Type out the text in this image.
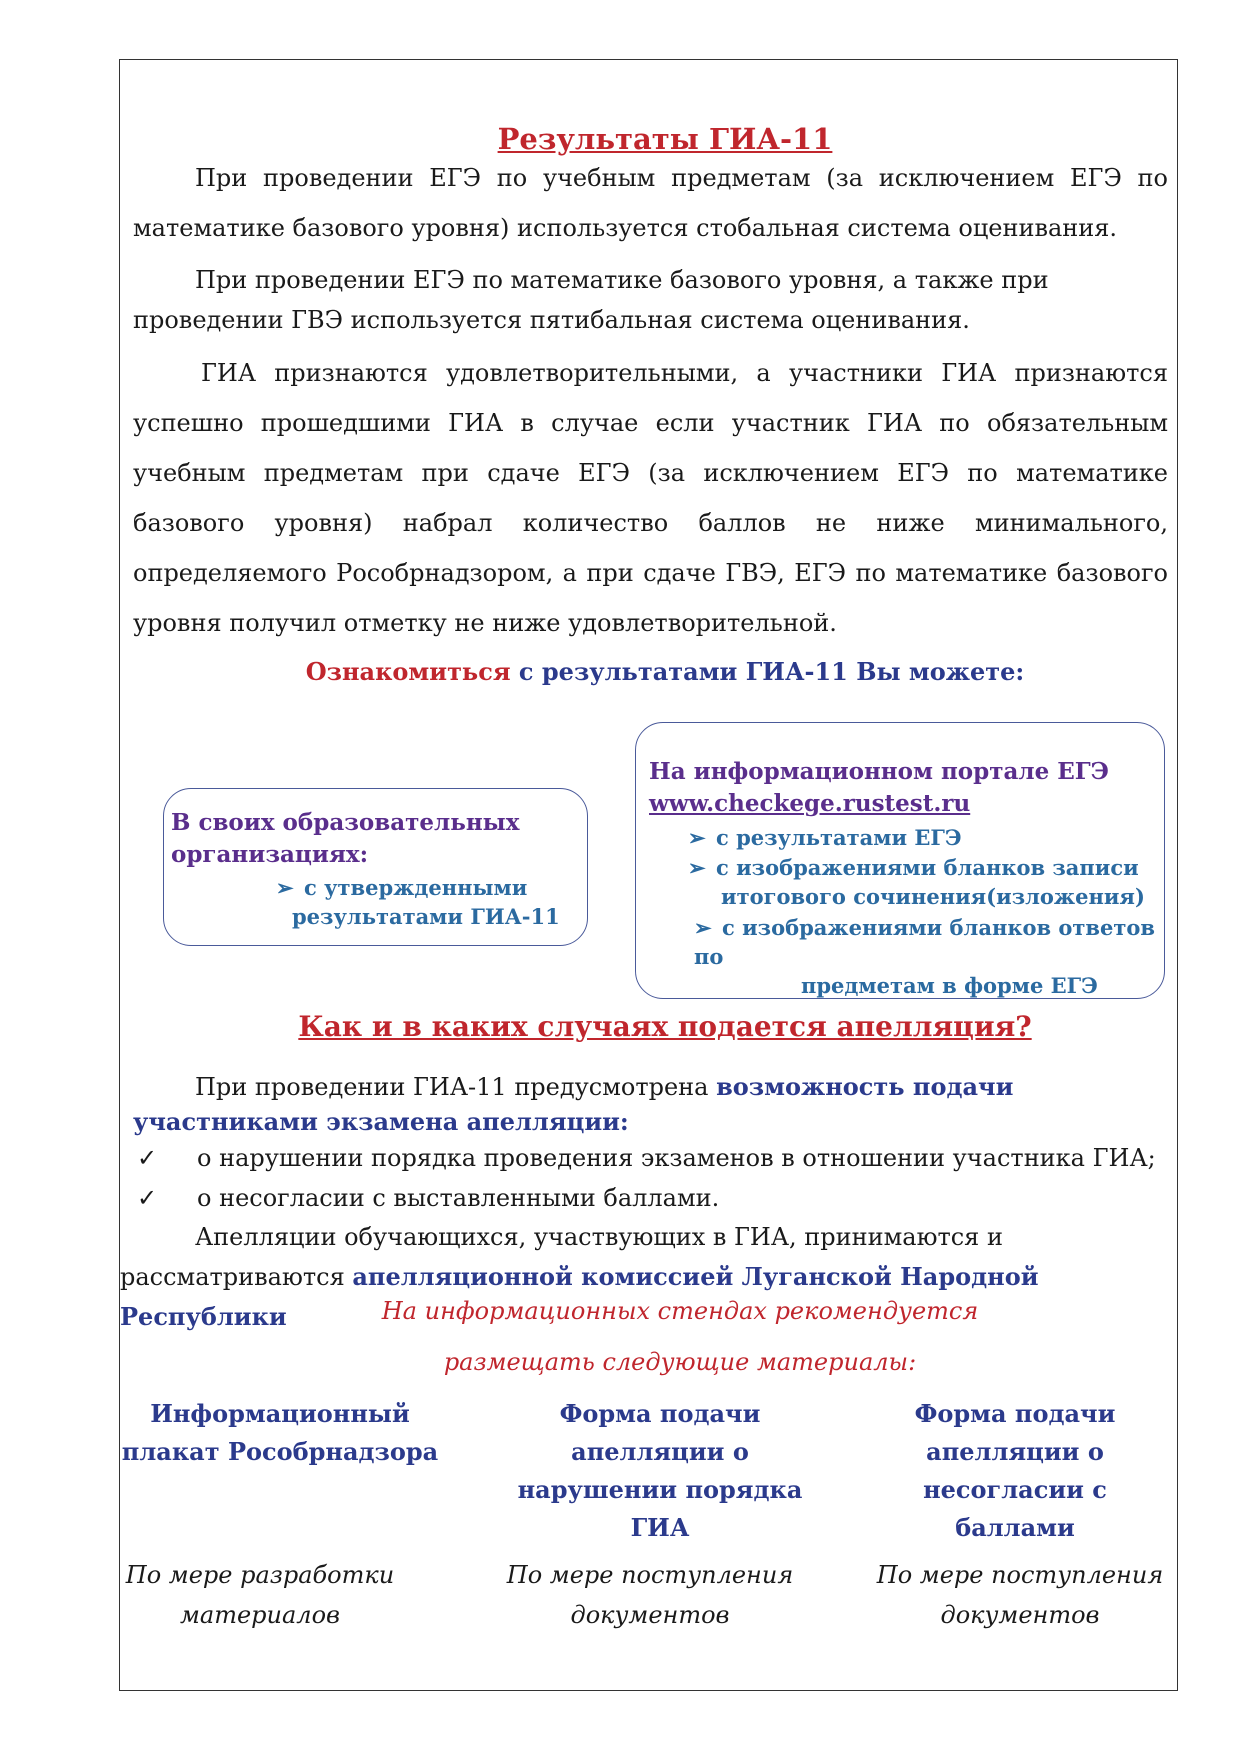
Результаты ГИА-11
При проведении ЕГЭ по учебным предметам (за исключением ЕГЭ по математике базового уровня) используется стобальная система оценивания.
При проведении ЕГЭ по математике базового уровня, а также при проведении ГВЭ используется пятибальная система оценивания.
ГИА признаются удовлетворительными, а участники ГИА признаются успешно прошедшими ГИА в случае если участник ГИА по обязательным учебным предметам при сдаче ЕГЭ (за исключением ЕГЭ по математике базового уровня) набрал количество баллов не ниже минимального, определяемого Рособрнадзором, а при сдаче ГВЭ, ЕГЭ по математике базового уровня получил отметку не ниже удовлетворительной.
Ознакомиться с результатами ГИА-11 Вы можете:
В своих образовательных организациях:
➢ с утвержденными
результатами ГИА-11
На информационном портале ЕГЭ
www.checkege.rustest.ru
➢ с результатами ЕГЭ
➢ с изображениями бланков записи
итогового сочинения(изложения)
➢ с изображениями бланков ответов по
предметам в форме ЕГЭ
Как и в каких случаях подается апелляция?
При проведении ГИА-11 предусмотрена возможность подачи
участниками экзамена апелляции:
✓ о нарушении порядка проведения экзаменов в отношении участника ГИА;
✓ о несогласии с выставленными баллами.
Апелляции обучающихся, участвующих в ГИА, принимаются и
рассматриваются апелляционной комиссией Луганской Народной Республики	На информационных стендах рекомендуется
размещать следующие материалы:
Информационный
плакат Рособрнадзора
Форма подачи
апелляции о
нарушении порядка
ГИА
Форма подачи
апелляции о
несогласии с баллами
По мере разработки
материалов
По мере поступления
документов
По мере поступления
документов
